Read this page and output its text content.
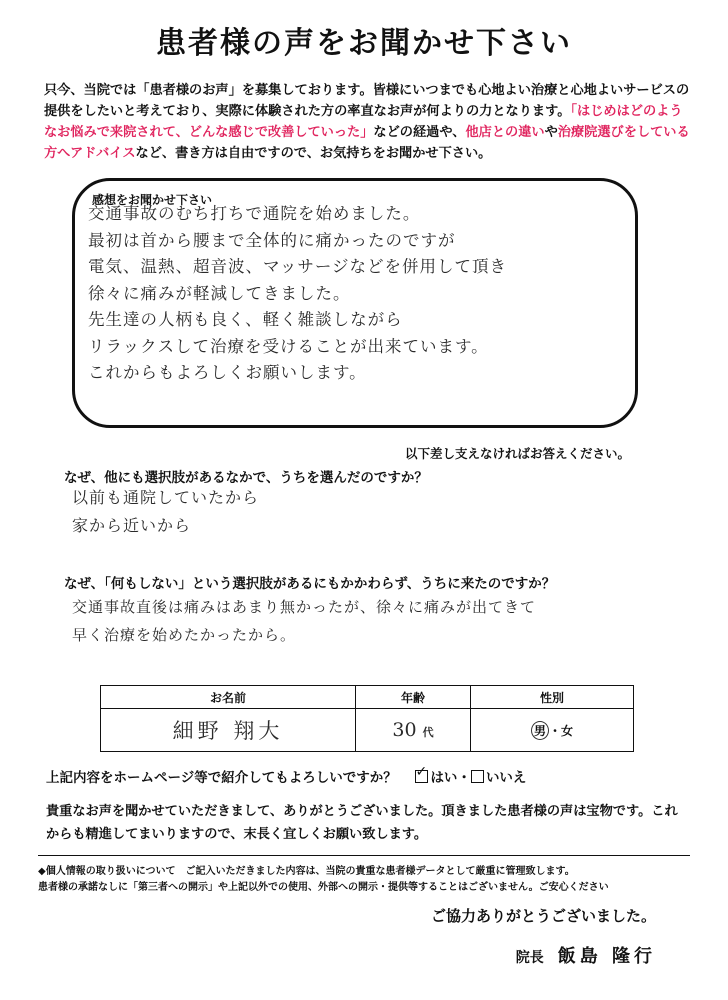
患者様の声をお聞かせ下さい
只今、当院では「患者様のお声」を募集しております。皆様にいつまでも心地よい治療と心地よいサービスの提供をしたいと考えており、実際に体験された方の率直なお声が何よりの力となります。「はじめはどのようなお悩みで来院されて、どんな感じで改善していった」などの経過や、他店との違いや治療院選びをしている方へアドバイスなど、書き方は自由ですので、お気持ちをお聞かせ下さい。
感想をお聞かせ下さい
交通事故のむち打ちで通院を始めました。
最初は首から腰まで全体的に痛かったのですが
電気、温熱、超音波、マッサージなどを併用して頂き
徐々に痛みが軽減してきました。
先生達の人柄も良く、軽く雑談しながら
リラックスして治療を受けることが出来ています。
これからもよろしくお願いします。
以下差し支えなければお答えください。
なぜ、他にも選択肢があるなかで、うちを選んだのですか？
以前も通院していたから
家から近いから
なぜ、「何もしない」という選択肢があるにもかかわらず、うちに来たのですか？
交通事故直後は痛みはあまり無かったが、徐々に痛みが出てきて
早く治療を始めたかったから。
お名前	年齢	性別
細野 翔大	30 代	男 ・女
上記内容をホームページ等で紹介してもよろしいですか？ ✓ はい・ いいえ
貴重なお声を聞かせていただきまして、ありがとうございました。頂きました患者様の声は宝物です。これからも精進してまいりますので、末長く宜しくお願い致します。
◆個人情報の取り扱いについて　ご記入いただきました内容は、当院の貴重な患者様データとして厳重に管理致します。
患者様の承諾なしに「第三者への開示」や上記以外での使用、外部への開示・提供等することはございません。ご安心ください
ご協力ありがとうございました。
院長 飯島 隆行
